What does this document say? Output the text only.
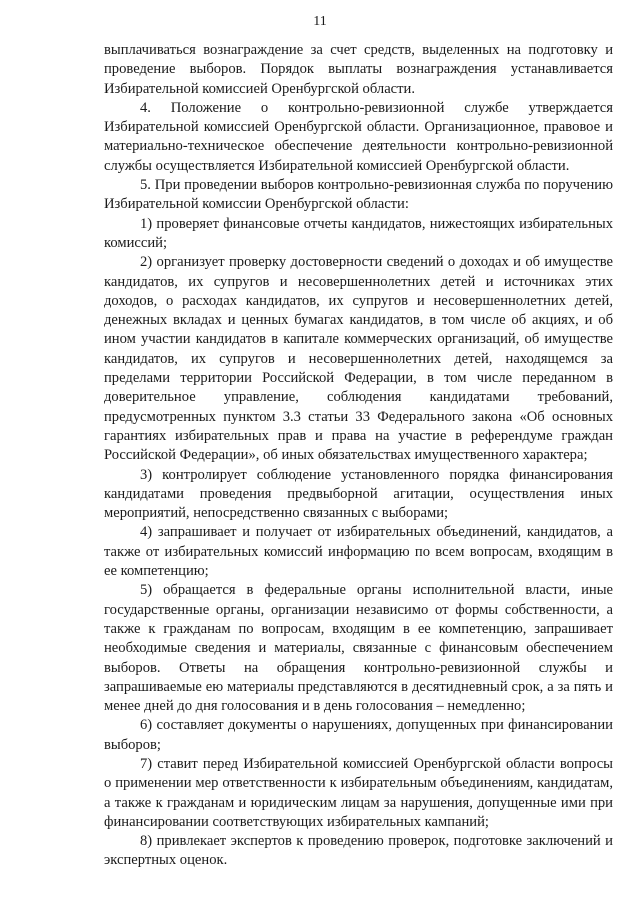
11

выплачиваться вознаграждение за счет средств, выделенных на подготовку и проведение выборов. Порядок выплаты вознаграждения устанавливается Избирательной комиссией Оренбургской области.

4. Положение о контрольно-ревизионной службе утверждается Избирательной комиссией Оренбургской области. Организационное, правовое и материально-техническое обеспечение деятельности контрольно-ревизионной службы осуществляется Избирательной комиссией Оренбургской области.

5. При проведении выборов контрольно-ревизионная служба по поручению Избирательной комиссии Оренбургской области:

1) проверяет финансовые отчеты кандидатов, нижестоящих избирательных комиссий;

2) организует проверку достоверности сведений о доходах и об имуществе кандидатов, их супругов и несовершеннолетних детей и источниках этих доходов, о расходах кандидатов, их супругов и несовершеннолетних детей, денежных вкладах и ценных бумагах кандидатов, в том числе об акциях, и об ином участии кандидатов в капитале коммерческих организаций, об имуществе кандидатов, их супругов и несовершеннолетних детей, находящемся за пределами территории Российской Федерации, в том числе переданном в доверительное управление, соблюдения кандидатами требований, предусмотренных пунктом 3.3 статьи 33 Федерального закона «Об основных гарантиях избирательных прав и права на участие в референдуме граждан Российской Федерации», об иных обязательствах имущественного характера;

3) контролирует соблюдение установленного порядка финансирования кандидатами проведения предвыборной агитации, осуществления иных мероприятий, непосредственно связанных с выборами;

4) запрашивает и получает от избирательных объединений, кандидатов, а также от избирательных комиссий информацию по всем вопросам, входящим в ее компетенцию;

5) обращается в федеральные органы исполнительной власти, иные государственные органы, организации независимо от формы собственности, а также к гражданам по вопросам, входящим в ее компетенцию, запрашивает необходимые сведения и материалы, связанные с финансовым обеспечением выборов. Ответы на обращения контрольно-ревизионной службы и запрашиваемые ею материалы представляются в десятидневный срок, а за пять и менее дней до дня голосования и в день голосования – немедленно;

6) составляет документы о нарушениях, допущенных при финансировании выборов;

7) ставит перед Избирательной комиссией Оренбургской области вопросы о применении мер ответственности к избирательным объединениям, кандидатам, а также к гражданам и юридическим лицам за нарушения, допущенные ими при финансировании соответствующих избирательных кампаний;

8) привлекает экспертов к проведению проверок, подготовке заключений и экспертных оценок.
